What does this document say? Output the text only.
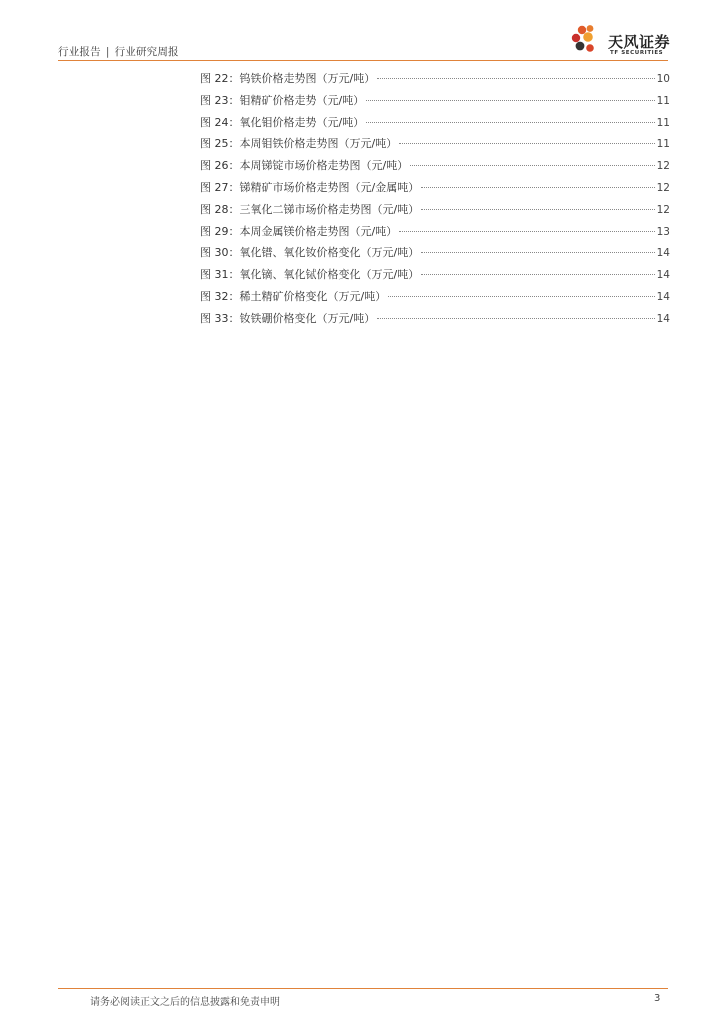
行业报告 | 行业研究周报
天风证券
TF SECURITIES
图 22：钨铁价格走势图（万元/吨）	10
图 23：钼精矿价格走势（元/吨）	11
图 24：氧化钼价格走势（元/吨）	11
图 25：本周钼铁价格走势图（万元/吨）	11
图 26：本周锑锭市场价格走势图（元/吨）	12
图 27：锑精矿市场价格走势图（元/金属吨）	12
图 28：三氧化二锑市场价格走势图（元/吨）	12
图 29：本周金属镁价格走势图（元/吨）	13
图 30：氧化镨、氧化钕价格变化（万元/吨）	14
图 31：氧化镝、氧化铽价格变化（万元/吨）	14
图 32：稀土精矿价格变化（万元/吨）	14
图 33：钕铁硼价格变化（万元/吨）	14
请务必阅读正文之后的信息披露和免责申明	3
